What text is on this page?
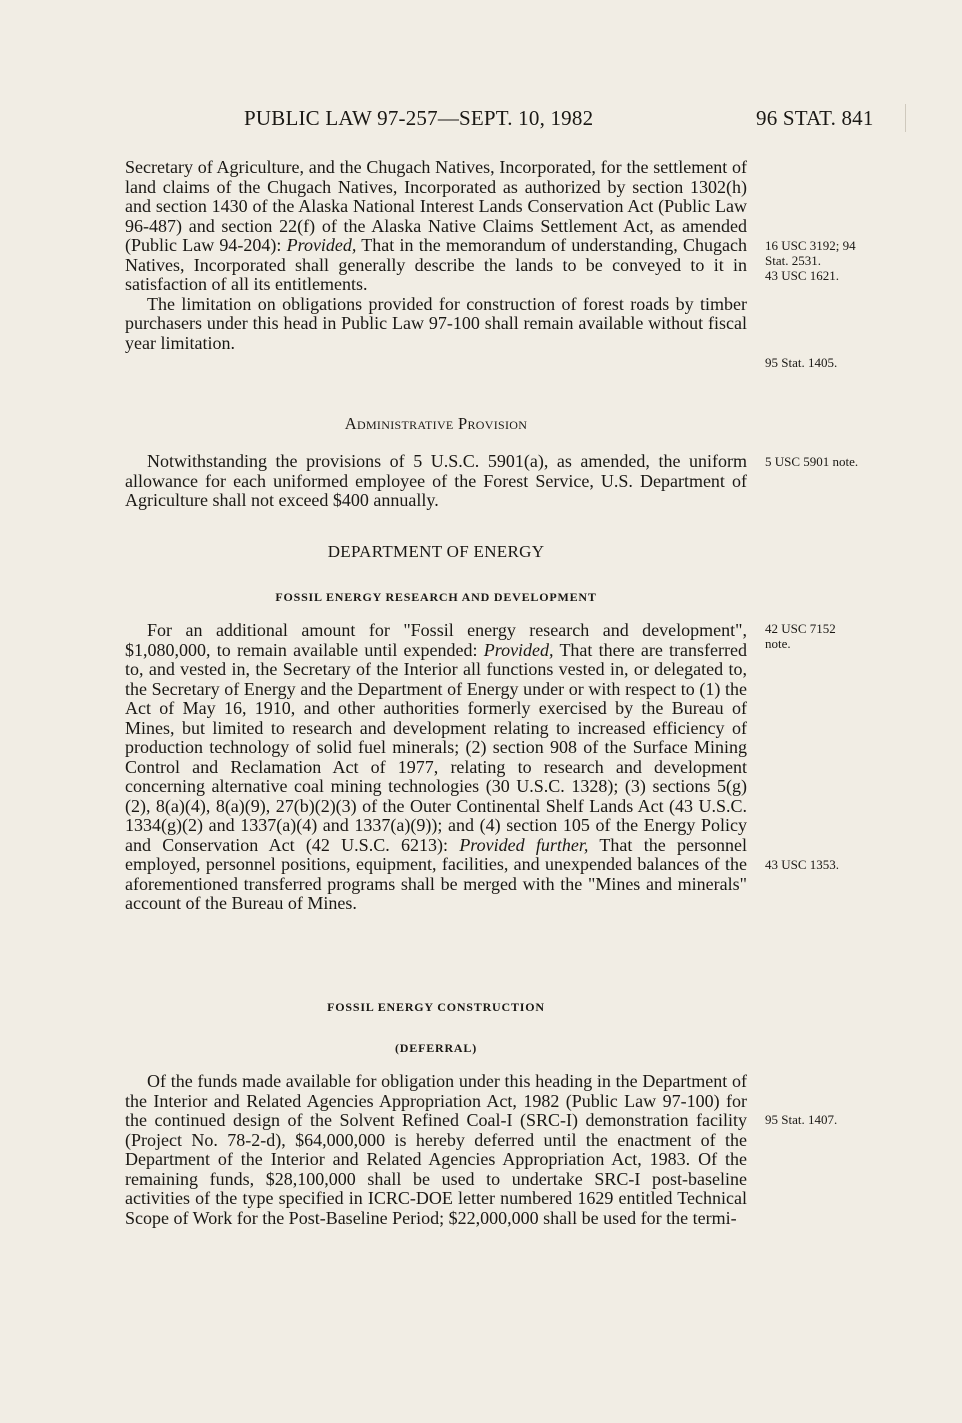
PUBLIC LAW 97-257—SEPT. 10, 1982	96 STAT. 841

Secretary of Agriculture, and the Chugach Natives, Incorporated, for the settlement of land claims of the Chugach Natives, Incorporated as authorized by section 1302(h) and section 1430 of the Alaska National Interest Lands Conservation Act (Public Law 96-487) and section 22(f) of the Alaska Native Claims Settlement Act, as amended (Public Law 94-204): Provided, That in the memorandum of understanding, Chugach Natives, Incorporated shall generally describe the lands to be conveyed to it in satisfaction of all its entitlements.

The limitation on obligations provided for construction of forest roads by timber purchasers under this head in Public Law 97-100 shall remain available without fiscal year limitation.

Administrative Provision

Notwithstanding the provisions of 5 U.S.C. 5901(a), as amended, the uniform allowance for each uniformed employee of the Forest Service, U.S. Department of Agriculture shall not exceed $400 annually.

DEPARTMENT OF ENERGY
FOSSIL ENERGY RESEARCH AND DEVELOPMENT

For an additional amount for "Fossil energy research and development", $1,080,000, to remain available until expended: Provided, That there are transferred to, and vested in, the Secretary of the Interior all functions vested in, or delegated to, the Secretary of Energy and the Department of Energy under or with respect to (1) the Act of May 16, 1910, and other authorities formerly exercised by the Bureau of Mines, but limited to research and development relating to increased efficiency of production technology of solid fuel minerals; (2) section 908 of the Surface Mining Control and Reclamation Act of 1977, relating to research and development concerning alternative coal mining technologies (30 U.S.C. 1328); (3) sections 5(g)(2), 8(a)(4), 8(a)(9), 27(b)(2)(3) of the Outer Continental Shelf Lands Act (43 U.S.C. 1334(g)(2) and 1337(a)(4) and 1337(a)(9)); and (4) section 105 of the Energy Policy and Conservation Act (42 U.S.C. 6213): Provided further, That the personnel employed, personnel positions, equipment, facilities, and unexpended balances of the aforementioned transferred programs shall be merged with the "Mines and minerals" account of the Bureau of Mines.

FOSSIL ENERGY CONSTRUCTION
(DEFERRAL)

Of the funds made available for obligation under this heading in the Department of the Interior and Related Agencies Appropriation Act, 1982 (Public Law 97-100) for the continued design of the Solvent Refined Coal-I (SRC-I) demonstration facility (Project No. 78-2-d), $64,000,000 is hereby deferred until the enactment of the Department of the Interior and Related Agencies Appropriation Act, 1983. Of the remaining funds, $28,100,000 shall be used to undertake SRC-I post-baseline activities of the type specified in ICRC-DOE letter numbered 1629 entitled Technical Scope of Work for the Post-Baseline Period; $22,000,000 shall be used for the termi-

16 USC 3192; 94
Stat. 2531.
43 USC 1621.
95 Stat. 1405.
5 USC 5901 note.
42 USC 7152
note.
43 USC 1353.
95 Stat. 1407.
